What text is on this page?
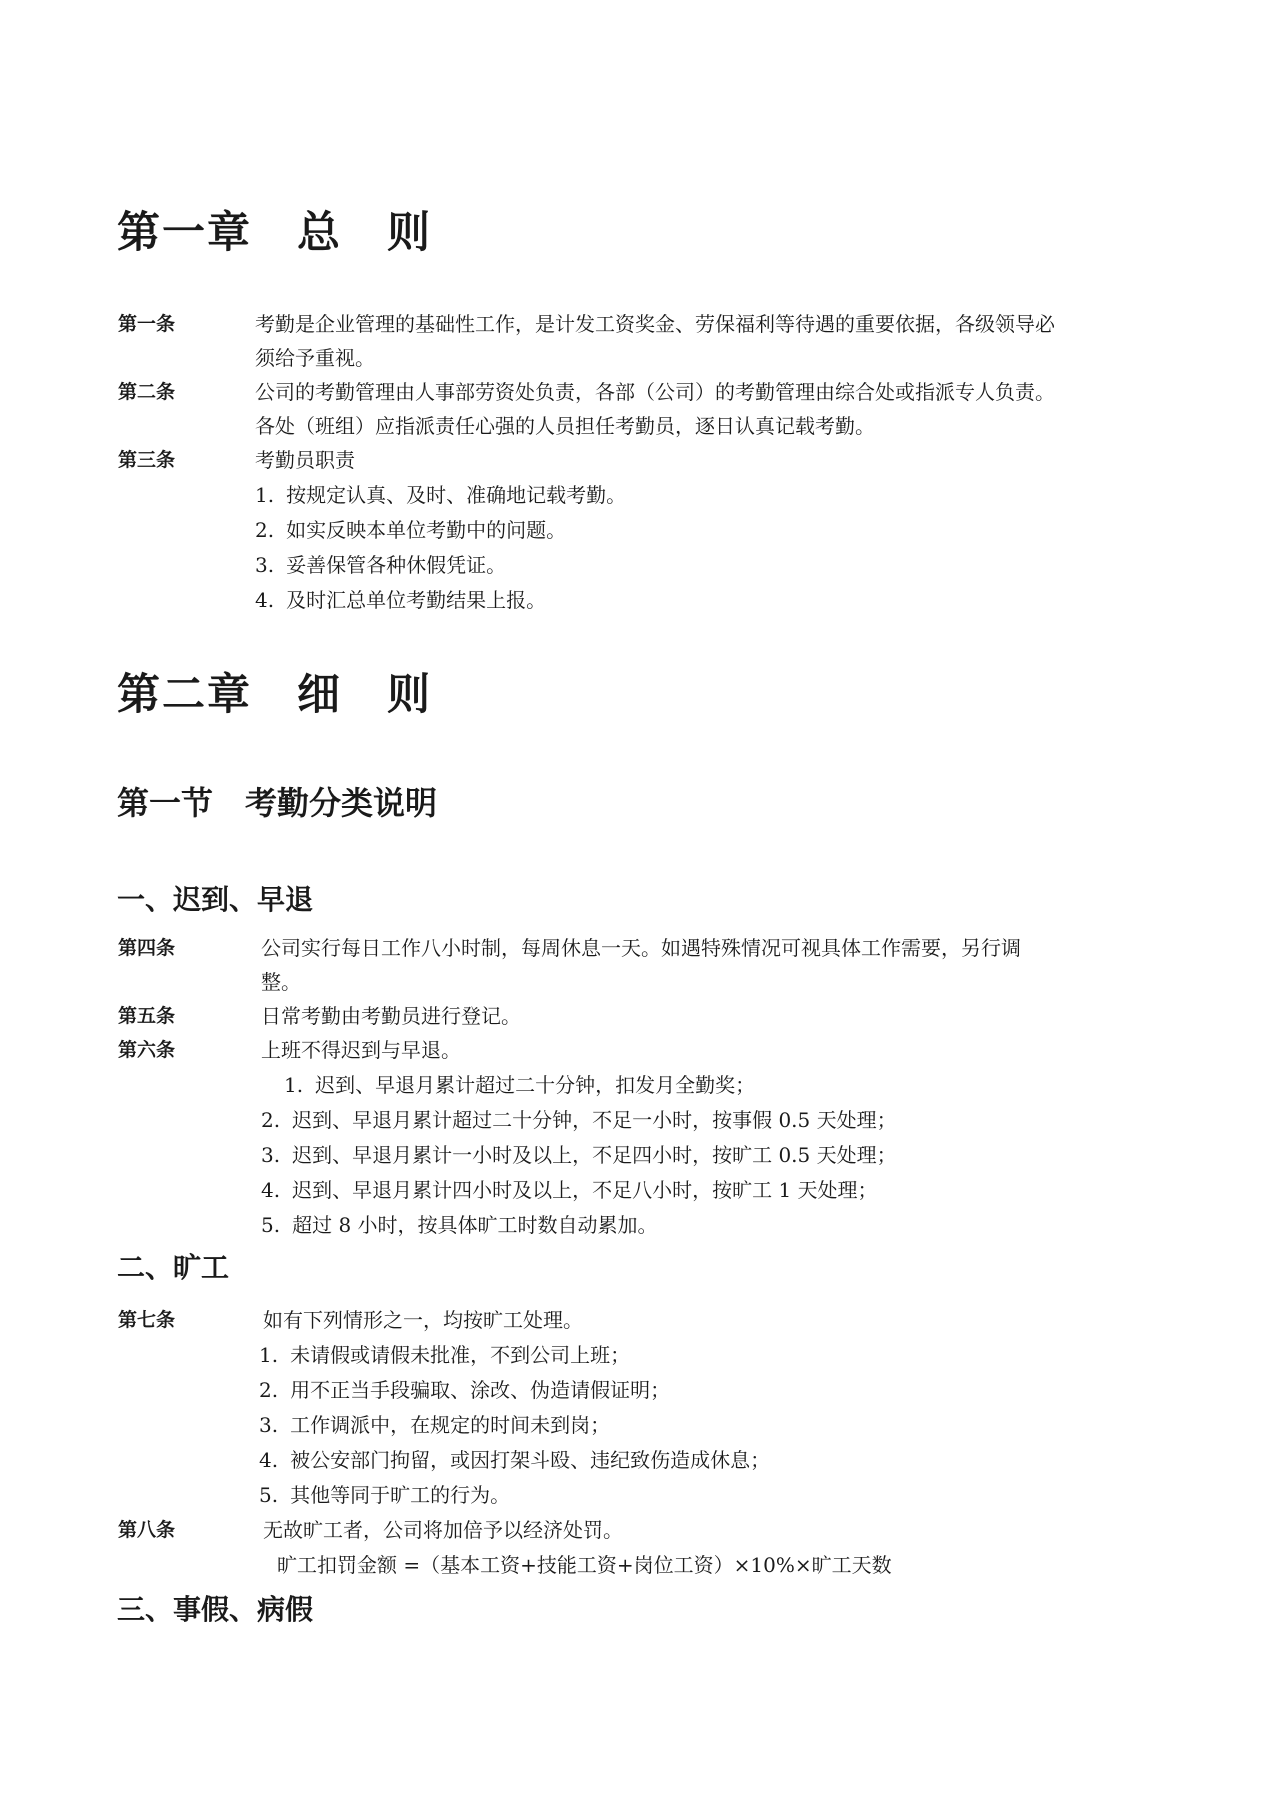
第一章　总　则
第一条	考勤是企业管理的基础性工作，是计发工资奖金、劳保福利等待遇的重要依据，各级领导必
须给予重视。
第二条	公司的考勤管理由人事部劳资处负责，各部（公司）的考勤管理由综合处或指派专人负责。
各处（班组）应指派责任心强的人员担任考勤员，逐日认真记载考勤。
第三条	考勤员职责
1. 按规定认真、及时、准确地记载考勤。
2. 如实反映本单位考勤中的问题。
3. 妥善保管各种休假凭证。
4. 及时汇总单位考勤结果上报。
第二章　细　则
第一节　考勤分类说明
一、迟到、早退
第四条	公司实行每日工作八小时制，每周休息一天。如遇特殊情况可视具体工作需要，另行调
整。
第五条	日常考勤由考勤员进行登记。
第六条	上班不得迟到与早退。
1. 迟到、早退月累计超过二十分钟，扣发月全勤奖；
2. 迟到、早退月累计超过二十分钟，不足一小时，按事假 0.5 天处理；
3. 迟到、早退月累计一小时及以上，不足四小时，按旷工 0.5 天处理；
4. 迟到、早退月累计四小时及以上，不足八小时，按旷工 1 天处理；
5. 超过 8 小时，按具体旷工时数自动累加。
二、旷工
第七条	如有下列情形之一，均按旷工处理。
1. 未请假或请假未批准，不到公司上班；
2. 用不正当手段骗取、涂改、伪造请假证明；
3. 工作调派中，在规定的时间未到岗；
4. 被公安部门拘留，或因打架斗殴、违纪致伤造成休息；
5. 其他等同于旷工的行为。
第八条	无故旷工者，公司将加倍予以经济处罚。
旷工扣罚金额 =（基本工资+技能工资+岗位工资）×10%×旷工天数
三、事假、病假
